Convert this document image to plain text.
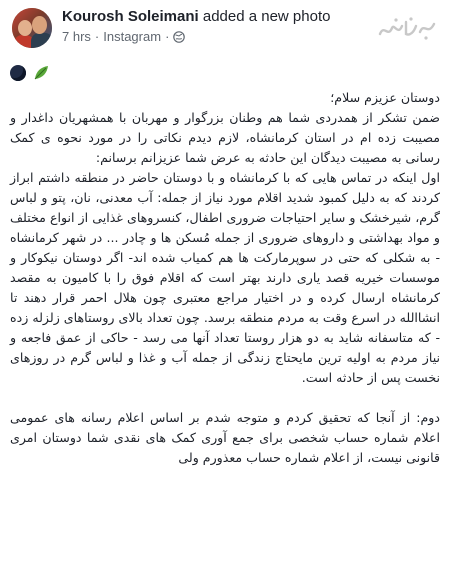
Kourosh Soleimani added a new photo
7 hrs · Instagram ·

دوستان عزیزم سلام؛

ضمن تشکر از همدردی شما هم وطنان بزرگوار و مهربان با همشهریان داغدار و مصیبت زده ام در استان کرمانشاه، لازم دیدم نکاتی را در مورد نحوه ی کمک رسانی به مصیبت دیدگان این حادثه به عرض شما عزیزانم برسانم:

اول اینکه در تماس هایی که با کرمانشاه و با دوستان حاضر در منطقه داشتم ابراز کردند که به دلیل کمبود شدید اقلام مورد نیاز از جمله: آب معدنی، نان، پتو و لباس گرم، شیرخشک و سایر احتیاجات ضروری اطفال، کنسروهای غذایی از انواع مختلف و مواد بهداشتی و داروهای ضروری از جمله مُسکن ها و چادر ... در شهر کرمانشاه - به شکلی که حتی در سوپرمارکت ها هم کمیاب شده اند- اگر دوستان نیکوکار و موسسات خیریه قصد یاری دارند بهتر است که اقلام فوق را با کامیون به مقصد کرمانشاه ارسال کرده و در اختیار مراجع معتبری چون هلال احمر قرار دهند تا انشاالله در اسرع وقت به مردم منطقه برسد. چون تعداد بالای روستاهای زلزله زده - که متاسفانه شاید به دو هزار روستا تعداد آنها می رسد - حاکی از عمق فاجعه و نیاز مردم به اولیه ترین مایحتاج زندگی از جمله آب و غذا و لباس گرم در روزهای نخست پس از حادثه است.

دوم: از آنجا که تحقیق کردم و متوجه شدم بر اساس اعلام رسانه های عمومی اعلام شماره حساب شخصی برای جمع آوری کمک های نقدی شما دوستان امری قانونی نیست، از اعلام شماره حساب معذورم ولی
